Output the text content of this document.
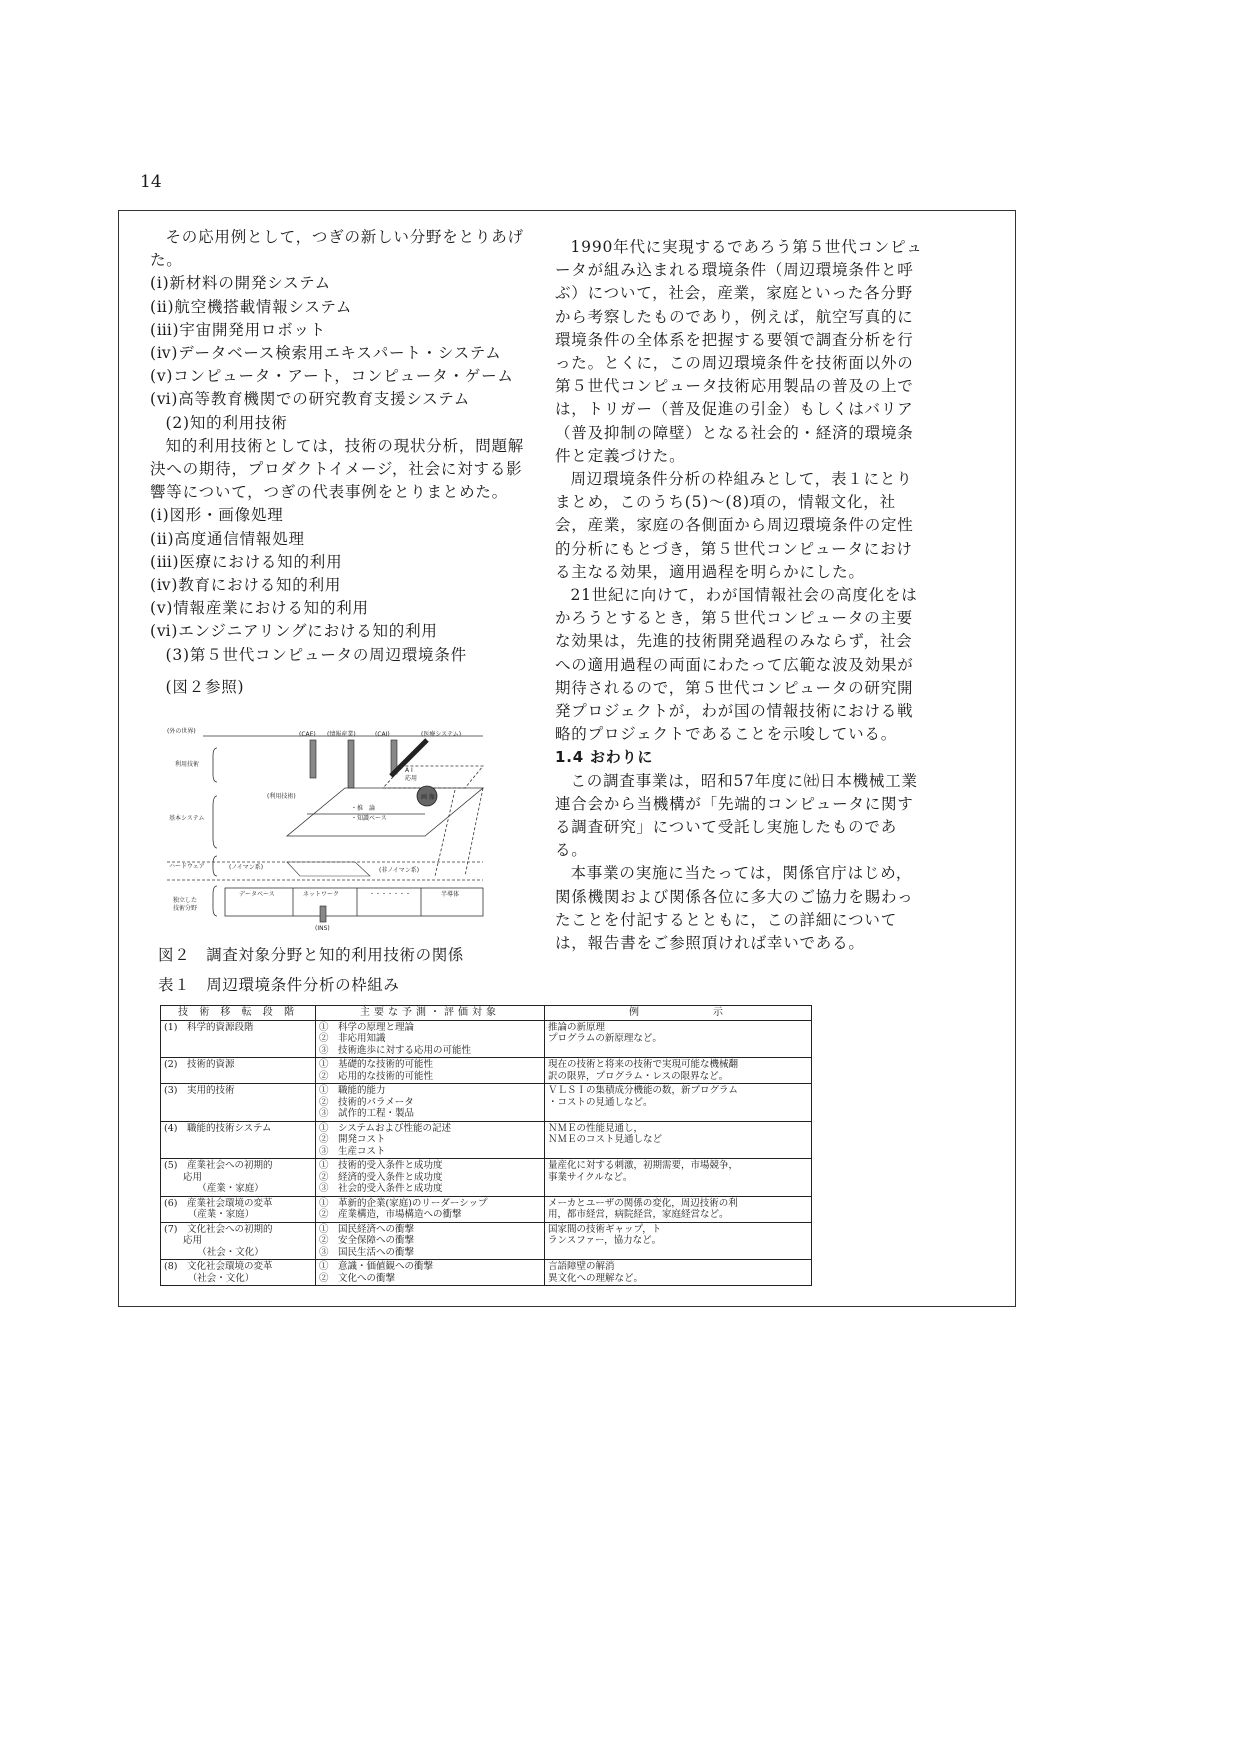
14

その応用例として，つぎの新しい分野をとりあげた。

(ⅰ)新材料の開発システム

(ⅱ)航空機搭載情報システム

(ⅲ)宇宙開発用ロボット

(ⅳ)データベース検索用エキスパート・システム

(ⅴ)コンピュータ・アート，コンピュータ・ゲーム

(ⅵ)高等教育機関での研究教育支援システム

(2)知的利用技術

知的利用技術としては，技術の現状分析，問題解決への期待，プロダクトイメージ，社会に対する影響等について，つぎの代表事例をとりまとめた。

(ⅰ)図形・画像処理

(ⅱ)高度通信情報処理

(ⅲ)医療における知的利用

(ⅳ)教育における知的利用

(ⅴ)情報産業における知的利用

(ⅵ)エンジニアリングにおける知的利用

(3)第５世代コンピュータの周辺環境条件

(図２参照)

1990年代に実現するであろう第５世代コンピュータが組み込まれる環境条件（周辺環境条件と呼ぶ）について，社会，産業，家庭といった各分野から考察したものであり，例えば，航空写真的に環境条件の全体系を把握する要領で調査分析を行った。とくに，この周辺環境条件を技術面以外の第５世代コンピュータ技術応用製品の普及の上では，トリガー（普及促進の引金）もしくはバリア（普及抑制の障壁）となる社会的・経済的環境条件と定義づけた。

周辺環境条件分析の枠組みとして，表１にとりまとめ，このうち(5)～(8)項の，情報文化，社会，産業，家庭の各側面から周辺環境条件の定性的分析にもとづき，第５世代コンピュータにおける主なる効果，適用過程を明らかにした。

21世紀に向けて，わが国情報社会の高度化をはかろうとするとき，第５世代コンピュータの主要な効果は，先進的技術開発過程のみならず，社会への適用過程の両面にわたって広範な波及効果が期待されるので，第５世代コンピュータの研究開発プロジェクトが，わが国の情報技術における戦略的プロジェクトであることを示唆している。

1.4 おわりに

この調査事業は，昭和57年度に㈳日本機械工業連合会から当機構が「先端的コンピュータに関する調査研究」について受託し実施したものである。

本事業の実施に当たっては，関係官庁はじめ，関係機関および関係各位に多大のご協力を賜わったことを付記するとともに，この詳細については，報告書をご参照頂ければ幸いである。

(外の世界)	(CAE) (情報産業)	(CAI)	(医療システム)
利用技術
A I
応用
(利用技術)	画 像
基本システム
・推　論
・知識ベース
ハードウェア	(ノイマン系)	(非ノイマン系)
独立した
技術分野
データベース	ネットワーク	・・・・・・・	半導体
(INS)
図２　調査対象分野と知的利用技術の関係
表１　周辺環境条件分析の枠組み
技 術 移 転 段 階	主要な予測・評価対象	例　　　　　示

(1)　科学的資源段階	①　科学の原理と理論
②　非応用知識
③　技術進歩に対する応用の可能性	推論の新原理
プログラムの新原理など。

(2)　技術的資源	①　基礎的な技術的可能性
②　応用的な技術的可能性	現在の技術と将来の技術で実現可能な機械翻
訳の限界，プログラム・レスの限界など。

(3)　実用的技術	①　職能的能力
②　技術的パラメータ
③　試作的工程・製品	ＶＬＳＩの集積成分機能の数，新プログラム
・コストの見通しなど。

(4)　職能的技術システム	①　システムおよび性能の記述
②　開発コスト
③　生産コスト	ＮＭＥの性能見通し，
ＮＭＥのコスト見通しなど

(5)　産業社会への初期的
　　応用
　　　　（産業・家庭）	①　技術的受入条件と成功度
②　経済的受入条件と成功度
③　社会的受入条件と成功度	量産化に対する刺激，初期需要，市場競争，
事業サイクルなど。

(6)　産業社会環境の変革
　　　（産業・家庭）	①　革新的企業(家庭)のリーダーシップ
②　産業構造，市場構造への衝撃	メーカとユーザの関係の変化，周辺技術の利
用，都市経営，病院経営，家庭経営など。

(7)　文化社会への初期的
　　応用
　　　　（社会・文化）	①　国民経済への衝撃
②　安全保障への衝撃
③　国民生活への衝撃	国家間の技術ギャップ，ト
ランスファー，協力など。

(8)　文化社会環境の変革
　　　（社会・文化）	①　意識・価値観への衝撃
②　文化への衝撃	言語障壁の解消
異文化への理解など。
